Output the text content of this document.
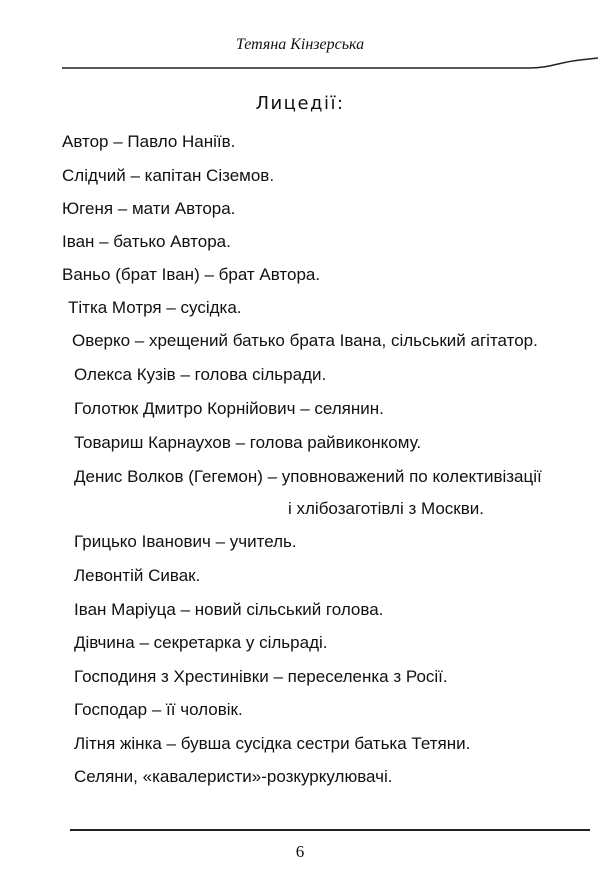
Тетяна Кінзерська
Лицедії:
Автор – Павло Наніїв.
Слідчий – капітан Сіземов.
Югеня – мати Автора.
Іван – батько Автора.
Ваньо (брат Іван) – брат Автора.
Тітка Мотря – сусідка.
Оверко – хрещений батько брата Івана, сільський агітатор.
Олекса Кузів – голова сільради.
Голотюк Дмитро Корнійович – селянин.
Товариш Карнаухов – голова райвиконкому.
Денис Волков (Гегемон) – уповноважений по колективізації
і хлібозаготівлі з Москви.
Грицько Іванович – учитель.
Левонтій Сивак.
Іван Маріуца – новий сільський голова.
Дівчина – секретарка у сільраді.
Господиня з Хрестинівки – переселенка з Росії.
Господар – її чоловік.
Літня жінка – бувша сусідка сестри батька Тетяни.
Селяни, «кавалеристи»-розкуркулювачі.
6
